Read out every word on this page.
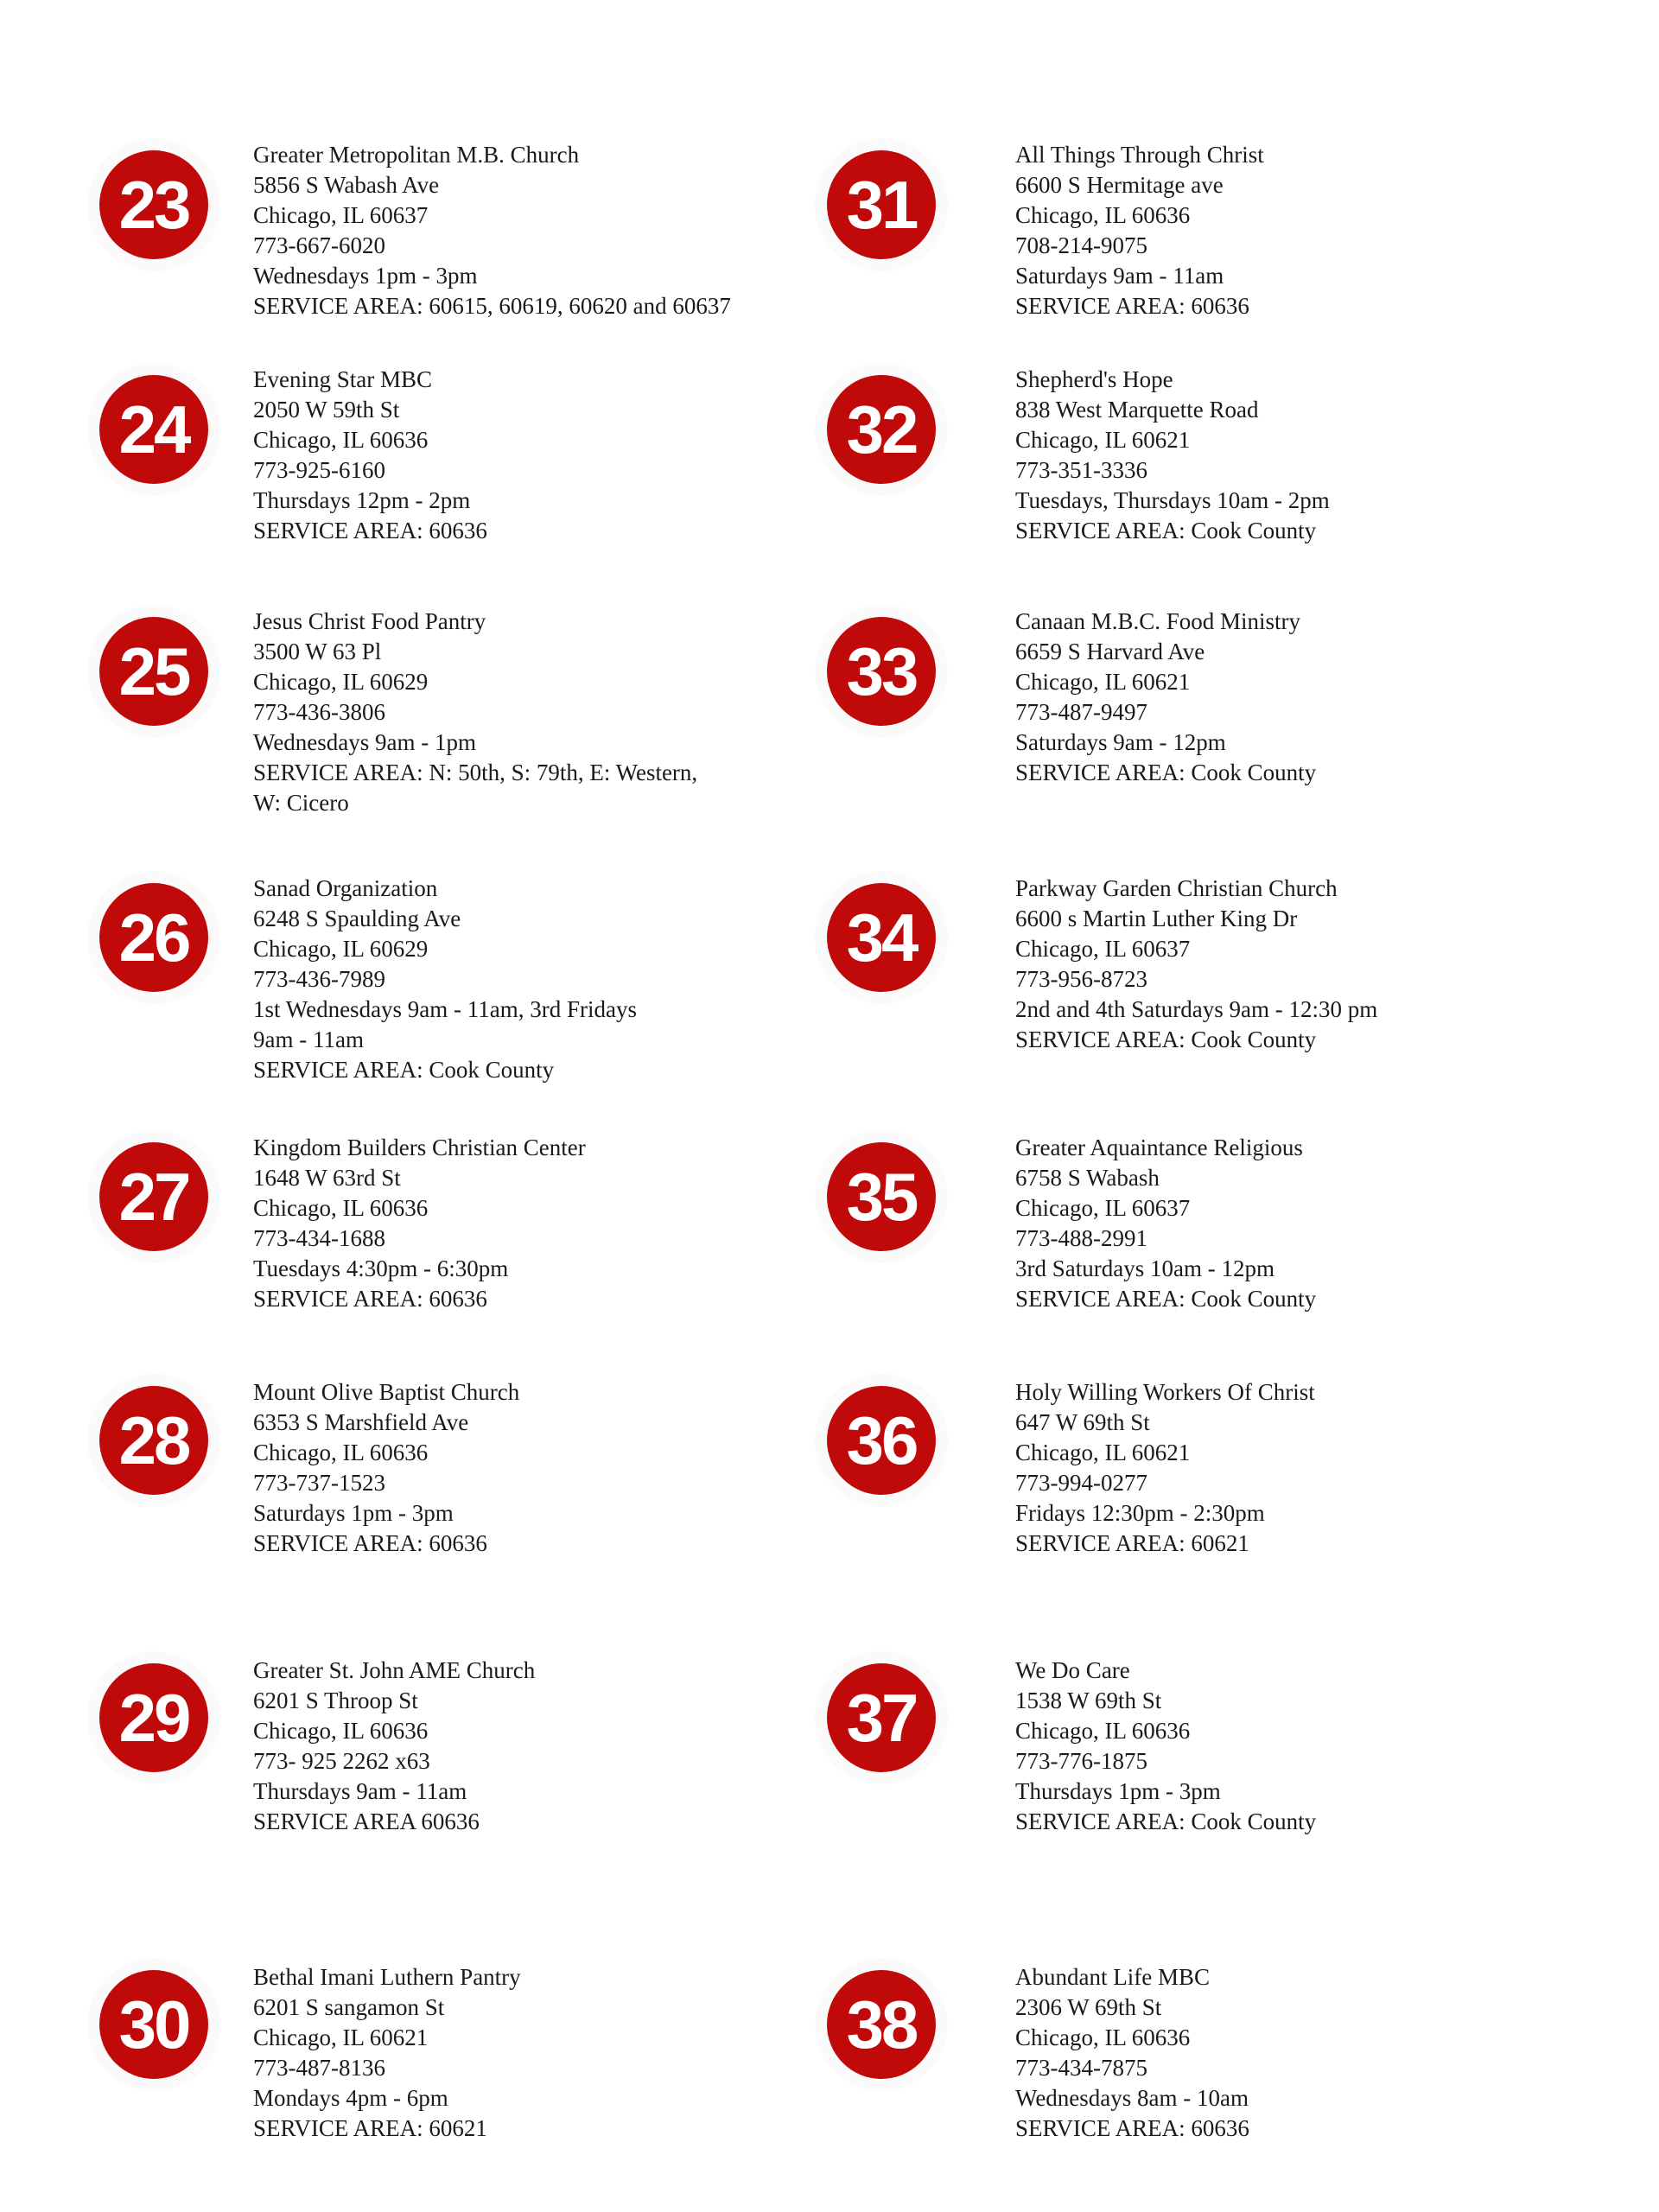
23
Greater Metropolitan M.B. Church
5856 S Wabash Ave
Chicago, IL 60637
773-667-6020
Wednesdays 1pm - 3pm
SERVICE AREA: 60615, 60619, 60620 and 60637
24
Evening Star MBC
2050 W 59th St
Chicago, IL 60636
773-925-6160
Thursdays 12pm - 2pm
SERVICE AREA: 60636
25
Jesus Christ Food Pantry
3500 W 63 Pl
Chicago, IL 60629
773-436-3806
Wednesdays 9am - 1pm
SERVICE AREA: N: 50th, S: 79th, E: Western,
W: Cicero
26
Sanad Organization
6248 S Spaulding Ave
Chicago, IL 60629
773-436-7989
1st Wednesdays 9am - 11am, 3rd Fridays
9am - 11am
SERVICE AREA: Cook County
27
Kingdom Builders Christian Center
1648 W 63rd St
Chicago, IL 60636
773-434-1688
Tuesdays 4:30pm - 6:30pm
SERVICE AREA: 60636
28
Mount Olive Baptist Church
6353 S Marshfield Ave
Chicago, IL 60636
773-737-1523
Saturdays 1pm - 3pm
SERVICE AREA: 60636
29
Greater St. John AME Church
6201 S Throop St
Chicago, IL 60636
773- 925 2262 x63
Thursdays 9am - 11am
SERVICE AREA 60636
30
Bethal Imani Luthern Pantry
6201 S sangamon St
Chicago, IL 60621
773-487-8136
Mondays 4pm - 6pm
SERVICE AREA: 60621
31
All Things Through Christ
6600 S Hermitage ave
Chicago, IL 60636
708-214-9075
Saturdays 9am - 11am
SERVICE AREA: 60636
32
Shepherd's Hope
838 West Marquette Road
Chicago, IL 60621
773-351-3336
Tuesdays, Thursdays 10am - 2pm
SERVICE AREA: Cook County
33
Canaan M.B.C. Food Ministry
6659 S Harvard Ave
Chicago, IL 60621
773-487-9497
Saturdays 9am - 12pm
SERVICE AREA: Cook County
34
Parkway Garden Christian Church
6600 s Martin Luther King Dr
Chicago, IL 60637
773-956-8723
2nd and 4th Saturdays 9am - 12:30 pm
SERVICE AREA: Cook County
35
Greater Aquaintance Religious
6758 S Wabash
Chicago, IL 60637
773-488-2991
3rd Saturdays 10am - 12pm
SERVICE AREA: Cook County
36
Holy Willing Workers Of Christ
647 W 69th St
Chicago, IL 60621
773-994-0277
Fridays 12:30pm - 2:30pm
SERVICE AREA: 60621
37
We Do Care
1538 W 69th St
Chicago, IL 60636
773-776-1875
Thursdays 1pm - 3pm
SERVICE AREA: Cook County
38
Abundant Life MBC
2306 W 69th St
Chicago, IL 60636
773-434-7875
Wednesdays 8am - 10am
SERVICE AREA: 60636
